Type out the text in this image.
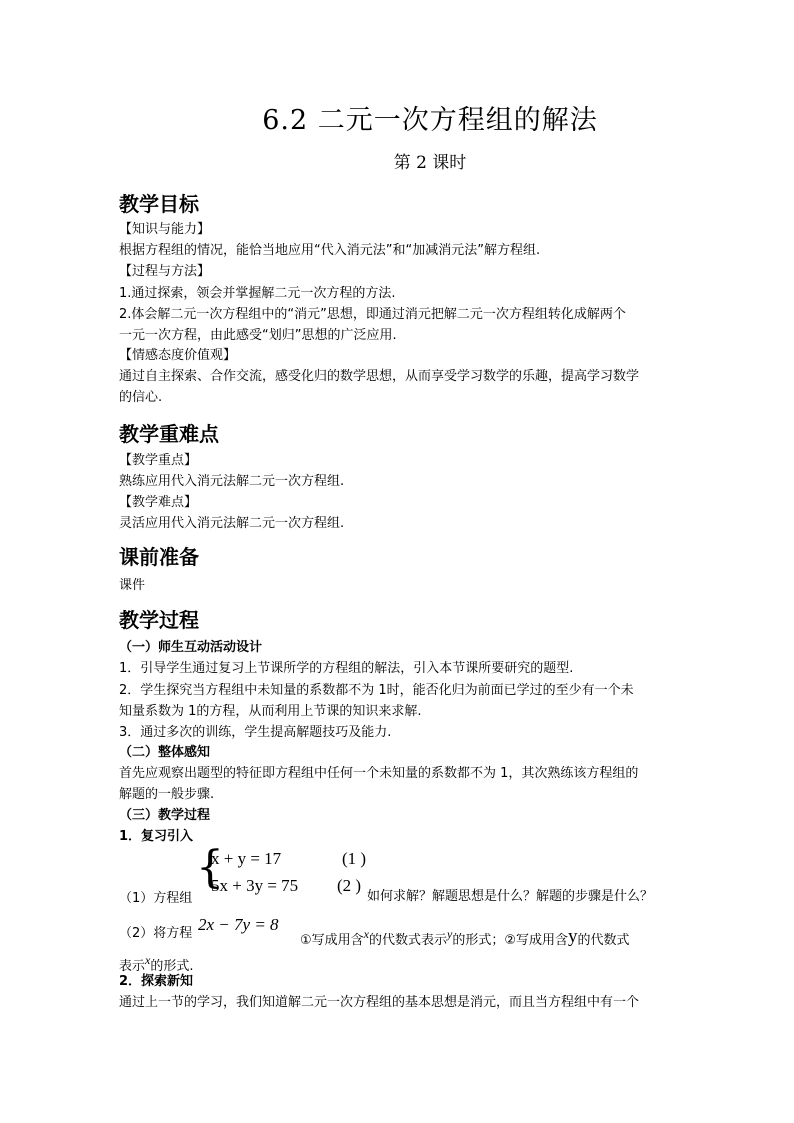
6.2 二元一次方程组的解法
第 2 课时
教学目标
【知识与能力】
根据方程组的情况，能恰当地应用“代入消元法”和“加减消元法”解方程组.
【过程与方法】
1.通过探索，领会并掌握解二元一次方程的方法.
2.体会解二元一次方程组中的“消元”思想，即通过消元把解二元一次方程组转化成解两个
一元一次方程，由此感受“划归”思想的广泛应用.
【情感态度价值观】
通过自主探索、合作交流，感受化归的数学思想，从而享受学习数学的乐趣，提高学习数学
的信心.
教学重难点
【教学重点】
熟练应用代入消元法解二元一次方程组.
【教学难点】
灵活应用代入消元法解二元一次方程组.
课前准备
课件
教学过程
（一）师生互动活动设计
1．引导学生通过复习上节课所学的方程组的解法，引入本节课所要研究的题型.
2．学生探究当方程组中未知量的系数都不为 1时，能否化归为前面已学过的至少有一个未
知量系数为 1的方程，从而利用上节课的知识来求解.
3．通过多次的训练，学生提高解题技巧及能力.
（二）整体感知
首先应观察出题型的特征即方程组中任何一个未知量的系数都不为 1，其次熟练该方程组的
解题的一般步骤.
（三）教学过程
1．复习引入
{
x + y = 17	(1 )
5x + 3y = 75 (2 )
（1）方程组	如何求解？解题思想是什么？解题的步骤是什么？
（2）将方程 2x − 7y = 8
①写成用含x的代数式表示y的形式；②写成用含y的代数式
表示x的形式.
2．探索新知
通过上一节的学习，我们知道解二元一次方程组的基本思想是消元，而且当方程组中有一个
